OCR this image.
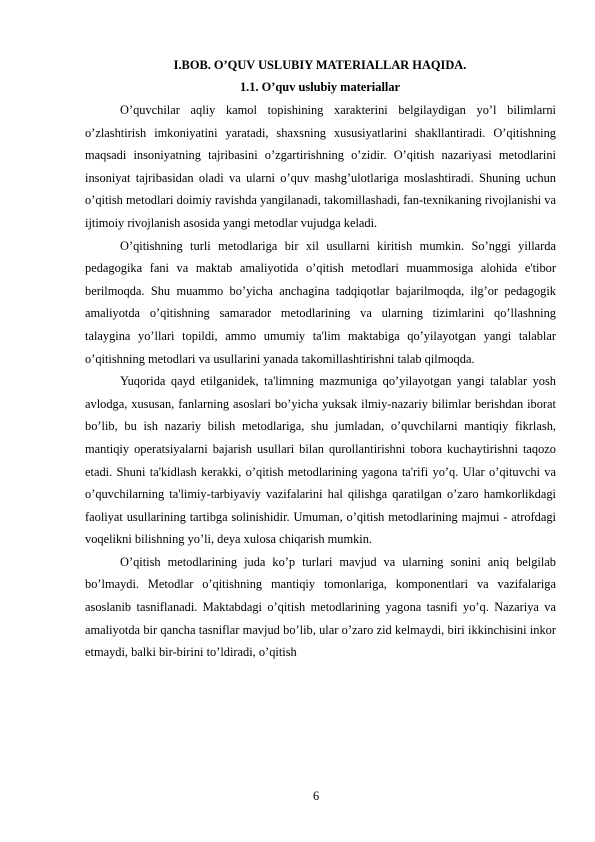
I.BOB. O’QUV USLUBIY MATERIALLAR HAQIDA.
1.1. O’quv uslubiy materiallar

O’quvchilar aqliy kamol topishining xarakterini belgilaydigan yo’l bilimlarni o’zlashtirish imkoniyatini yaratadi, shaxsning xususiyatlarini shakllantiradi. O’qitishning maqsadi insoniyatning tajribasini o’zgartirishning o’zidir. O’qitish nazariyasi metodlarini insoniyat tajribasidan oladi va ularni o’quv mashg’ulotlariga moslashtiradi. Shuning uchun o’qitish metodlari doimiy ravishda yangilanadi, takomillashadi, fan-texnikaning rivojlanishi va ijtimoiy rivojlanish asosida yangi metodlar vujudga keladi.

O’qitishning turli metodlariga bir xil usullarni kiritish mumkin. So’nggi yillarda pedagogika fani va maktab amaliyotida o’qitish metodlari muammosiga alohida e'tibor berilmoqda. Shu muammo bo’yicha anchagina tadqiqotlar bajarilmoqda, ilg’or pedagogik amaliyotda o’qitishning samarador metodlarining va ularning tizimlarini qo’llashning talaygina yo’llari topildi, ammo umumiy ta'lim maktabiga qo’yilayotgan yangi talablar o’qitishning metodlari va usullarini yanada takomillashtirishni talab qilmoqda.

Yuqorida qayd etilganidek, ta'limning mazmuniga qo’yilayotgan yangi talablar yosh avlodga, xususan, fanlarning asoslari bo’yicha yuksak ilmiy-nazariy bilimlar berishdan iborat bo’lib, bu ish nazariy bilish metodlariga, shu jumladan, o’quvchilarni mantiqiy fikrlash, mantiqiy operatsiyalarni bajarish usullari bilan qurollantirishni tobora kuchaytirishni taqozo etadi. Shuni ta'kidlash kerakki, o’qitish metodlarining yagona ta'rifi yo’q. Ular o’qituvchi va o’quvchilarning ta'limiy-tarbiyaviy vazifalarini hal qilishga qaratilgan o’zaro hamkorlikdagi faoliyat usullarining tartibga solinishidir. Umuman, o’qitish metodlarining majmui - atrofdagi voqelikni bilishning yo’li, deya xulosa chiqarish mumkin.

O’qitish metodlarining juda ko’p turlari mavjud va ularning sonini aniq belgilab bo’lmaydi. Metodlar o’qitishning mantiqiy tomonlariga, komponentlari va vazifalariga asoslanib tasniflanadi. Maktabdagi o’qitish metodlarining yagona tasnifi yo’q. Nazariya va amaliyotda bir qancha tasniflar mavjud bo’lib, ular o’zaro zid kelmaydi, biri ikkinchisini inkor etmaydi, balki bir-birini to’ldiradi, o’qitish

6
